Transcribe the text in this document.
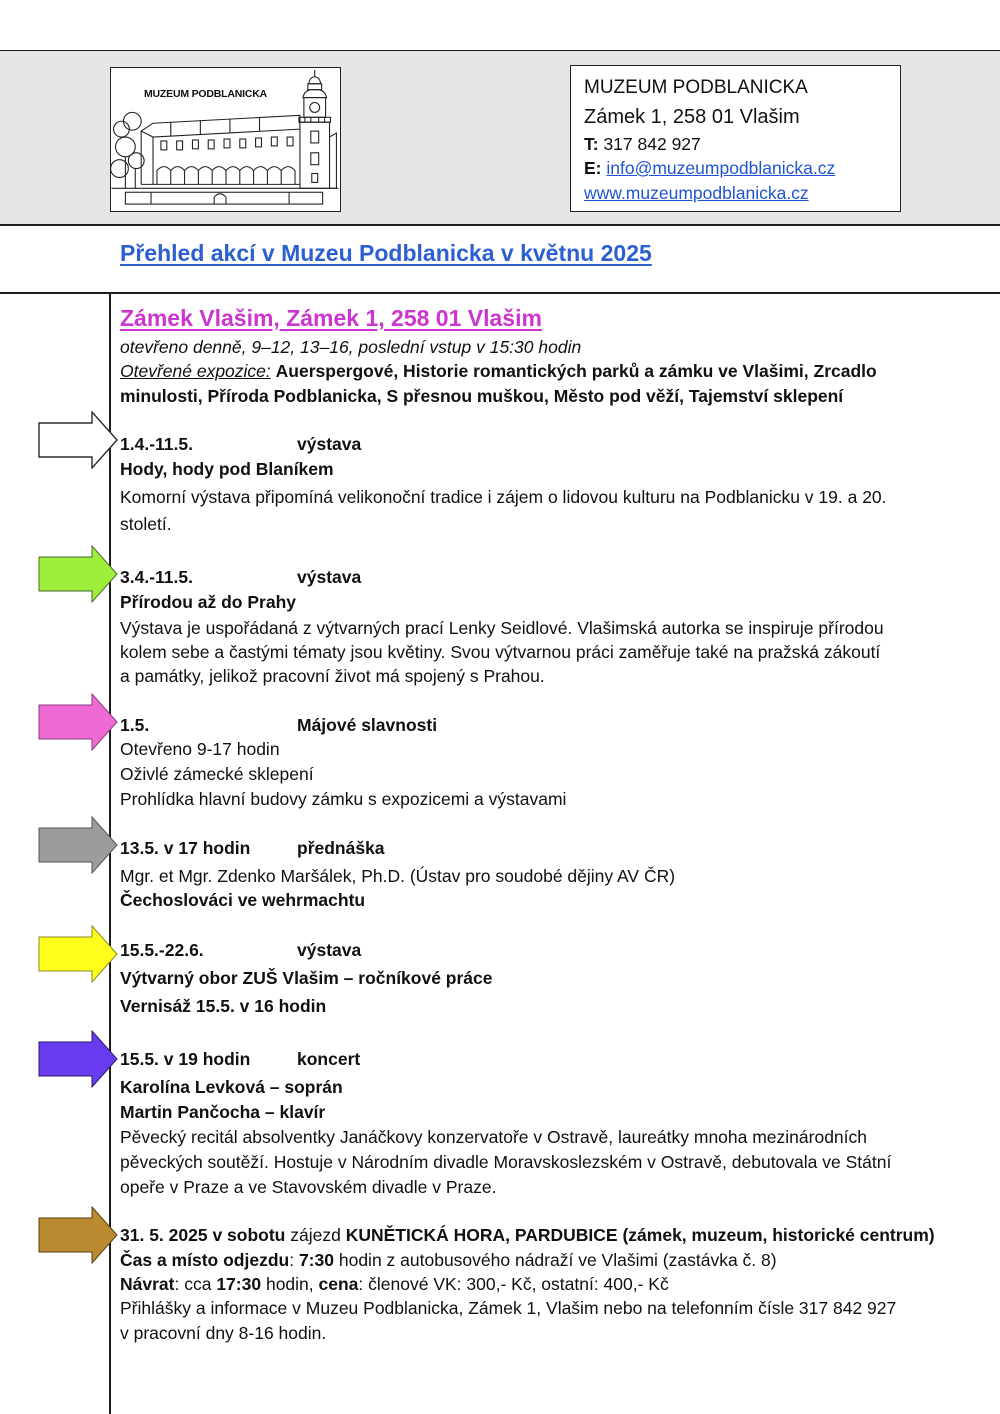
MUZEUM PODBLANICKA	MUZEUM PODBLANICKA
Zámek 1, 258 01 Vlašim
T: 317 842 927
E: info@muzeumpodblanicka.cz
www.muzeumpodblanicka.cz
Přehled akcí v Muzeu Podblanicka v květnu 2025
Zámek Vlašim, Zámek 1, 258 01 Vlašim
otevřeno denně, 9–12, 13–16, poslední vstup v 15:30 hodin
Otevřené expozice: Auerspergové, Historie romantických parků a zámku ve Vlašimi, Zrcadlo
minulosti, Příroda Podblanicka, S přesnou muškou, Město pod věží, Tajemství sklepení
1.4.-11.5.	výstava
Hody, hody pod Blaníkem
Komorní výstava připomíná velikonoční tradice i zájem o lidovou kulturu na Podblanicku v 19. a 20.
století.
3.4.-11.5.	výstava
Přírodou až do Prahy
Výstava je uspořádaná z výtvarných prací Lenky Seidlové. Vlašimská autorka se inspiruje přírodou
kolem sebe a častými tématy jsou květiny. Svou výtvarnou práci zaměřuje také na pražská zákoutí
a památky, jelikož pracovní život má spojený s Prahou.
1.5.	Májové slavnosti
Otevřeno 9-17 hodin
Oživlé zámecké sklepení
Prohlídka hlavní budovy zámku s expozicemi a výstavami
13.5. v 17 hodin	přednáška
Mgr. et Mgr. Zdenko Maršálek, Ph.D. (Ústav pro soudobé dějiny AV ČR)
Čechoslováci ve wehrmachtu
15.5.-22.6.	výstava
Výtvarný obor ZUŠ Vlašim – ročníkové práce
Vernisáž 15.5. v 16 hodin
15.5. v 19 hodin	koncert
Karolína Levková – soprán
Martin Pančocha – klavír
Pěvecký recitál absolventky Janáčkovy konzervatoře v Ostravě, laureátky mnoha mezinárodních
pěveckých soutěží. Hostuje v Národním divadle Moravskoslezském v Ostravě, debutovala ve Státní
opeře v Praze a ve Stavovském divadle v Praze.
31. 5. 2025 v sobotu zájezd KUNĚTICKÁ HORA, PARDUBICE (zámek, muzeum, historické centrum)
Čas a místo odjezdu: 7:30 hodin z autobusového nádraží ve Vlašimi (zastávka č. 8)
Návrat: cca 17:30 hodin, cena: členové VK: 300,- Kč, ostatní: 400,- Kč
Přihlášky a informace v Muzeu Podblanicka, Zámek 1, Vlašim nebo na telefonním čísle 317 842 927
v pracovní dny 8-16 hodin.
